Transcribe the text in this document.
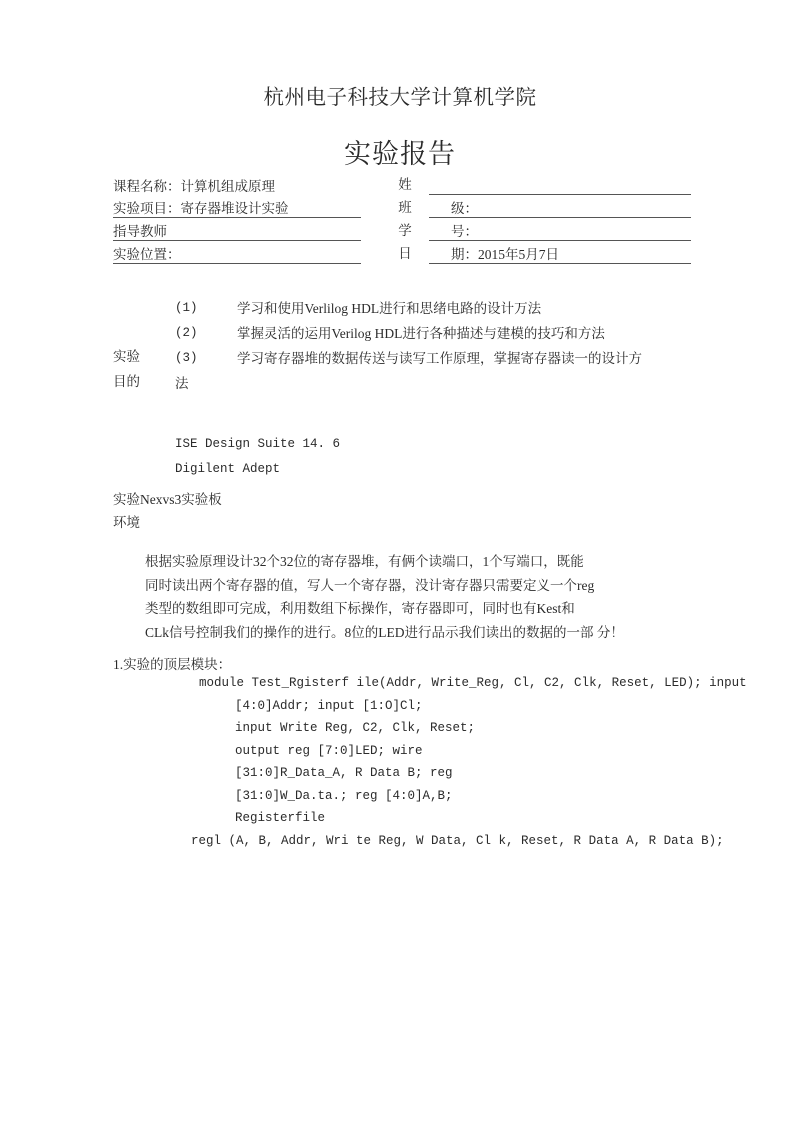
杭州电子科技大学计算机学院
实验报告
课程名称： 计算机组成原理	姓
实验项目： 寄存器堆设计实验	班	级：
指导教师	学	号：
实验位置：	日	期：2015年5月7日
实验
目的
(1)	学习和使用Verlilog HDL进行和思绪电路的设计万法
(2)	掌握灵活的运用Verilog HDL进行各种描述与建模的技巧和方法
(3)	学习寄存器堆的数据传送与读写工作原理，掌握寄存器读一的设计方
法
ISE Design Suite 14. 6
Digilent Adept
实验Nexvs3实验板
环境
根据实验原理设计32个32位的寄存器堆，有俩个读端口，1个写端口，既能
同时读出两个寄存器的值，写人一个寄存器，没计寄存器只需要定义一个reg
类型的数组即可完成，利用数组下标操作，寄存器即可，同时也有Kest和
CLk信号控制我们的操作的进行。8位的LED进行品示我们读出的数据的一部 分！
1.实验的顶层模块：
module Test_Rgisterf ile(Addr, Write_Reg, Cl, C2, Clk, Reset, LED); input
[4:0]Addr; input [1:O]Cl;
input Write Reg, C2, Clk, Reset;
output reg [7:0]LED; wire
[31:0]R_Data_A, R Data B; reg
[31:0]W_Da.ta.; reg [4:0]A,B;
Registerfile
regl (A, B, Addr, Wri te Reg, W Data, Cl k, Reset, R Data A, R Data B);
